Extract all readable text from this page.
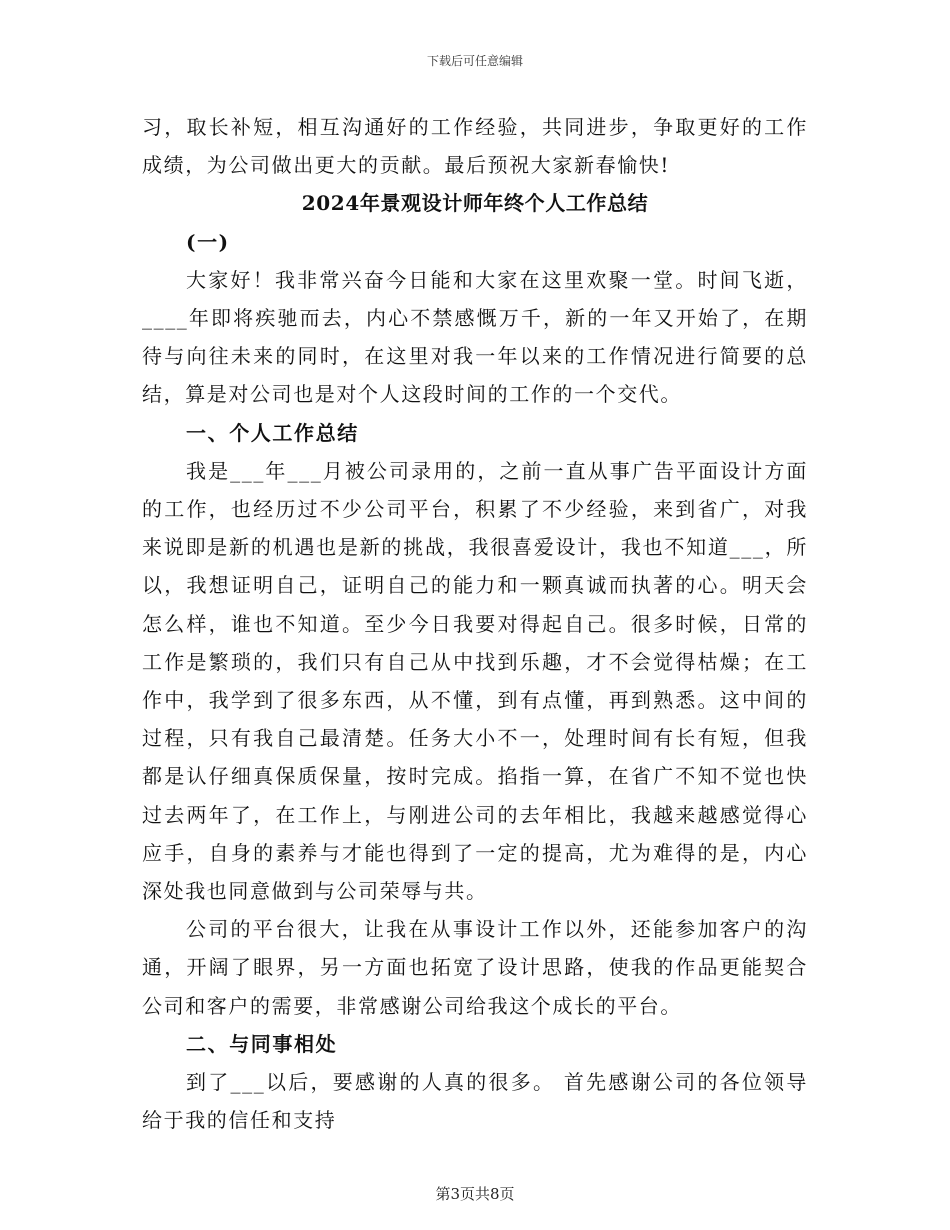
下载后可任意编辑

习，取长补短，相互沟通好的工作经验，共同进步，争取更好的工作成绩，为公司做出更大的贡献。最后预祝大家新春愉快!

2024年景观设计师年终个人工作总结

(一)

大家好！我非常兴奋今日能和大家在这里欢聚一堂。时间飞逝，____年即将疾驰而去，内心不禁感慨万千，新的一年又开始了，在期待与向往未来的同时，在这里对我一年以来的工作情况进行简要的总结，算是对公司也是对个人这段时间的工作的一个交代。

一、个人工作总结

我是___年___月被公司录用的，之前一直从事广告平面设计方面的工作，也经历过不少公司平台，积累了不少经验，来到省广，对我来说即是新的机遇也是新的挑战，我很喜爱设计，我也不知道___，所以，我想证明自己，证明自己的能力和一颗真诚而执著的心。明天会怎么样，谁也不知道。至少今日我要对得起自己。很多时候，日常的工作是繁琐的，我们只有自己从中找到乐趣，才不会觉得枯燥；在工作中，我学到了很多东西，从不懂，到有点懂，再到熟悉。这中间的过程，只有我自己最清楚。任务大小不一，处理时间有长有短，但我都是认仔细真保质保量，按时完成。掐指一算，在省广不知不觉也快过去两年了，在工作上，与刚进公司的去年相比，我越来越感觉得心应手，自身的素养与才能也得到了一定的提高，尤为难得的是，内心深处我也同意做到与公司荣辱与共。

公司的平台很大，让我在从事设计工作以外，还能参加客户的沟通，开阔了眼界，另一方面也拓宽了设计思路，使我的作品更能契合公司和客户的需要，非常感谢公司给我这个成长的平台。

二、与同事相处

到了___以后，要感谢的人真的很多。 首先感谢公司的各位领导给于我的信任和支持

第3页共8页
